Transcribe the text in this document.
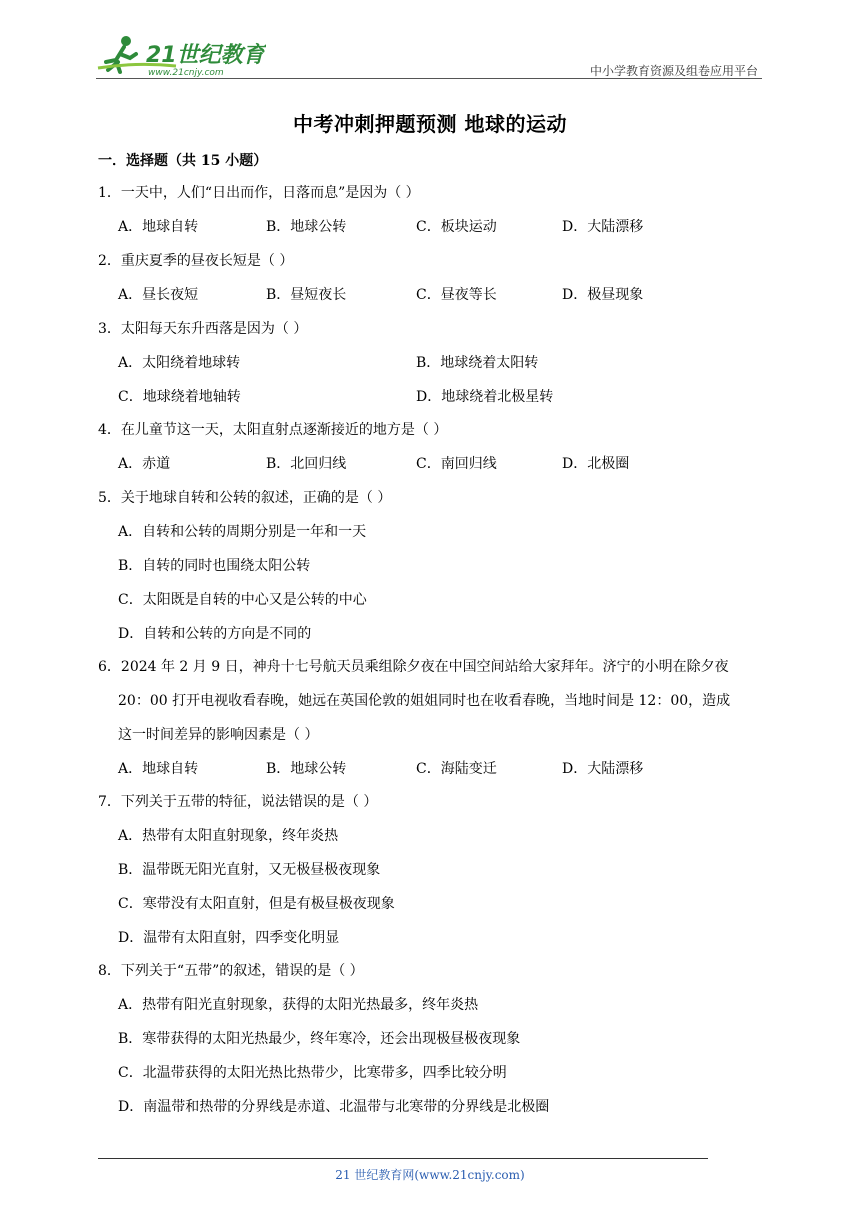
21世纪教育
www.21cnjy.com	中小学教育资源及组卷应用平台
中考冲刺押题预测 地球的运动
一．选择题（共 15 小题）
1．一天中，人们“日出而作，日落而息”是因为（ ）
A．地球自转	B．地球公转	C．板块运动	D．大陆漂移
2．重庆夏季的昼夜长短是（ ）
A．昼长夜短	B．昼短夜长	C．昼夜等长	D．极昼现象
3．太阳每天东升西落是因为（ ）
A．太阳绕着地球转	B．地球绕着太阳转
C．地球绕着地轴转	D．地球绕着北极星转
4．在儿童节这一天，太阳直射点逐渐接近的地方是（ ）
A．赤道	B．北回归线	C．南回归线	D．北极圈
5．关于地球自转和公转的叙述，正确的是（ ）
A．自转和公转的周期分别是一年和一天
B．自转的同时也围绕太阳公转
C．太阳既是自转的中心又是公转的中心
D．自转和公转的方向是不同的
6．2024 年 2 月 9 日，神舟十七号航天员乘组除夕夜在中国空间站给大家拜年。济宁的小明在除夕夜
20：00 打开电视收看春晚，她远在英国伦敦的姐姐同时也在收看春晚，当地时间是 12：00，造成
这一时间差异的影响因素是（ ）
A．地球自转	B．地球公转	C．海陆变迁	D．大陆漂移
7．下列关于五带的特征，说法错误的是（ ）
A．热带有太阳直射现象，终年炎热
B．温带既无阳光直射，又无极昼极夜现象
C．寒带没有太阳直射，但是有极昼极夜现象
D．温带有太阳直射，四季变化明显
8．下列关于“五带”的叙述，错误的是（ ）
A．热带有阳光直射现象，获得的太阳光热最多，终年炎热
B．寒带获得的太阳光热最少，终年寒冷，还会出现极昼极夜现象
C．北温带获得的太阳光热比热带少，比寒带多，四季比较分明
D．南温带和热带的分界线是赤道、北温带与北寒带的分界线是北极圈
21 世纪教育网(www.21cnjy.com)
